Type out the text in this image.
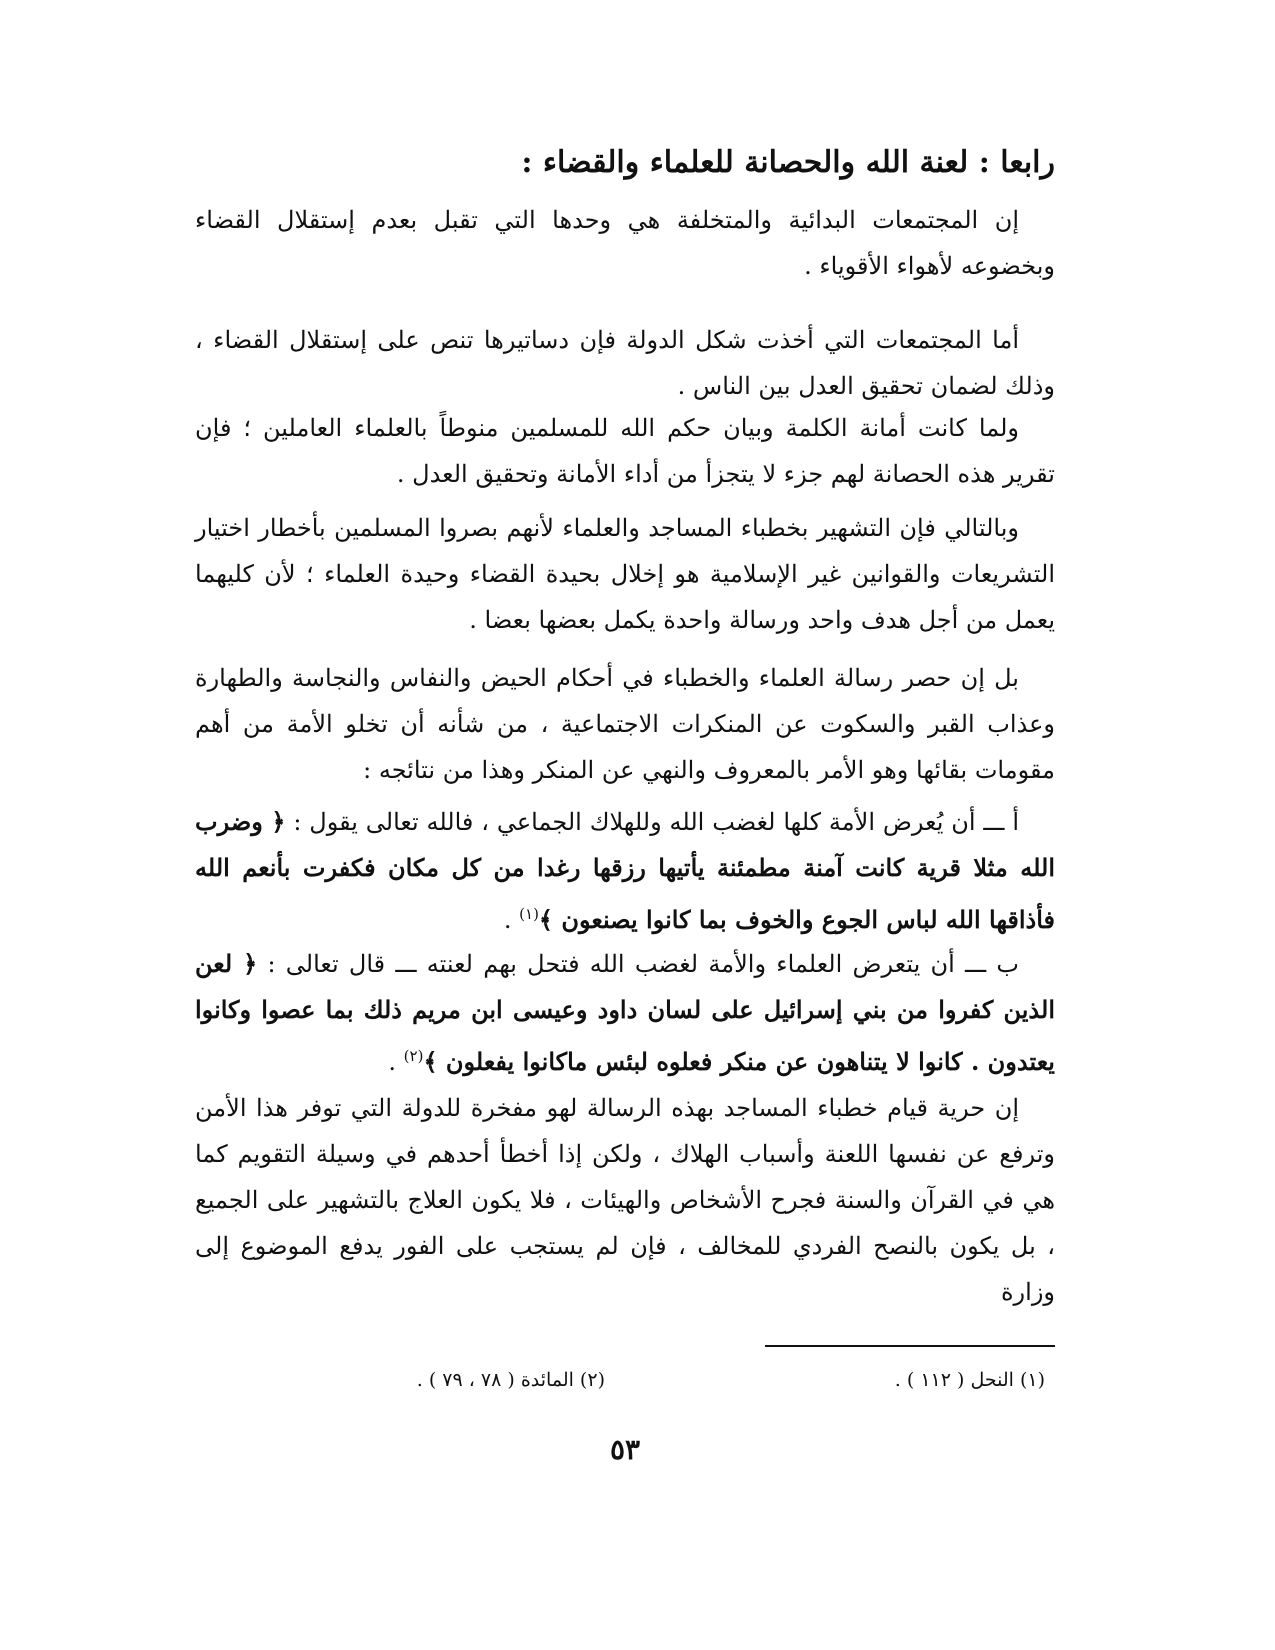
رابعا : لعنة الله والحصانة للعلماء والقضاء :

إن المجتمعات البدائية والمتخلفة هي وحدها التي تقبل بعدم إستقلال القضاء وبخضوعه لأهواء الأقوياء .

أما المجتمعات التي أخذت شكل الدولة فإن دساتيرها تنص على إستقلال القضاء ، وذلك لضمان تحقيق العدل بين الناس .

ولما كانت أمانة الكلمة وبيان حكم الله للمسلمين منوطاً بالعلماء العاملين ؛ فإن تقرير هذه الحصانة لهم جزء لا يتجزأ من أداء الأمانة وتحقيق العدل .

وبالتالي فإن التشهير بخطباء المساجد والعلماء لأنهم بصروا المسلمين بأخطار اختيار التشريعات والقوانين غير الإسلامية هو إخلال بحيدة القضاء وحيدة العلماء ؛ لأن كليهما يعمل من أجل هدف واحد ورسالة واحدة يكمل بعضها بعضا .

بل إن حصر رسالة العلماء والخطباء في أحكام الحيض والنفاس والنجاسة والطهارة وعذاب القبر والسكوت عن المنكرات الاجتماعية ، من شأنه أن تخلو الأمة من أهم مقومات بقائها وهو الأمر بالمعروف والنهي عن المنكر وهذا من نتائجه :

أ ـــ أن يُعرض الأمة كلها لغضب الله وللهلاك الجماعي ، فالله تعالى يقول : ﴿ وضرب الله مثلا قرية كانت آمنة مطمئنة يأتيها رزقها رغدا من كل مكان فكفرت بأنعم الله فأذاقها الله لباس الجوع والخوف بما كانوا يصنعون ﴾$^{(١)}$ .

ب ـــ أن يتعرض العلماء والأمة لغضب الله فتحل بهم لعنته ـــ قال تعالى : ﴿ لعن الذين كفروا من بني إسرائيل على لسان داود وعيسى ابن مريم ذلك بما عصوا وكانوا يعتدون . كانوا لا يتناهون عن منكر فعلوه لبئس ماكانوا يفعلون ﴾$^{(٢)}$ .

إن حرية قيام خطباء المساجد بهذه الرسالة لهو مفخرة للدولة التي توفر هذا الأمن وترفع عن نفسها اللعنة وأسباب الهلاك ، ولكن إذا أخطأ أحدهم في وسيلة التقويم كما هي في القرآن والسنة فجرح الأشخاص والهيئات ، فلا يكون العلاج بالتشهير على الجميع ، بل يكون بالنصح الفردي للمخالف ، فإن لم يستجب على الفور يدفع الموضوع إلى وزارة

(١) النحل ( ١١٢ ) .
(٢) المائدة ( ٧٨ ، ٧٩ ) .
٥٣
